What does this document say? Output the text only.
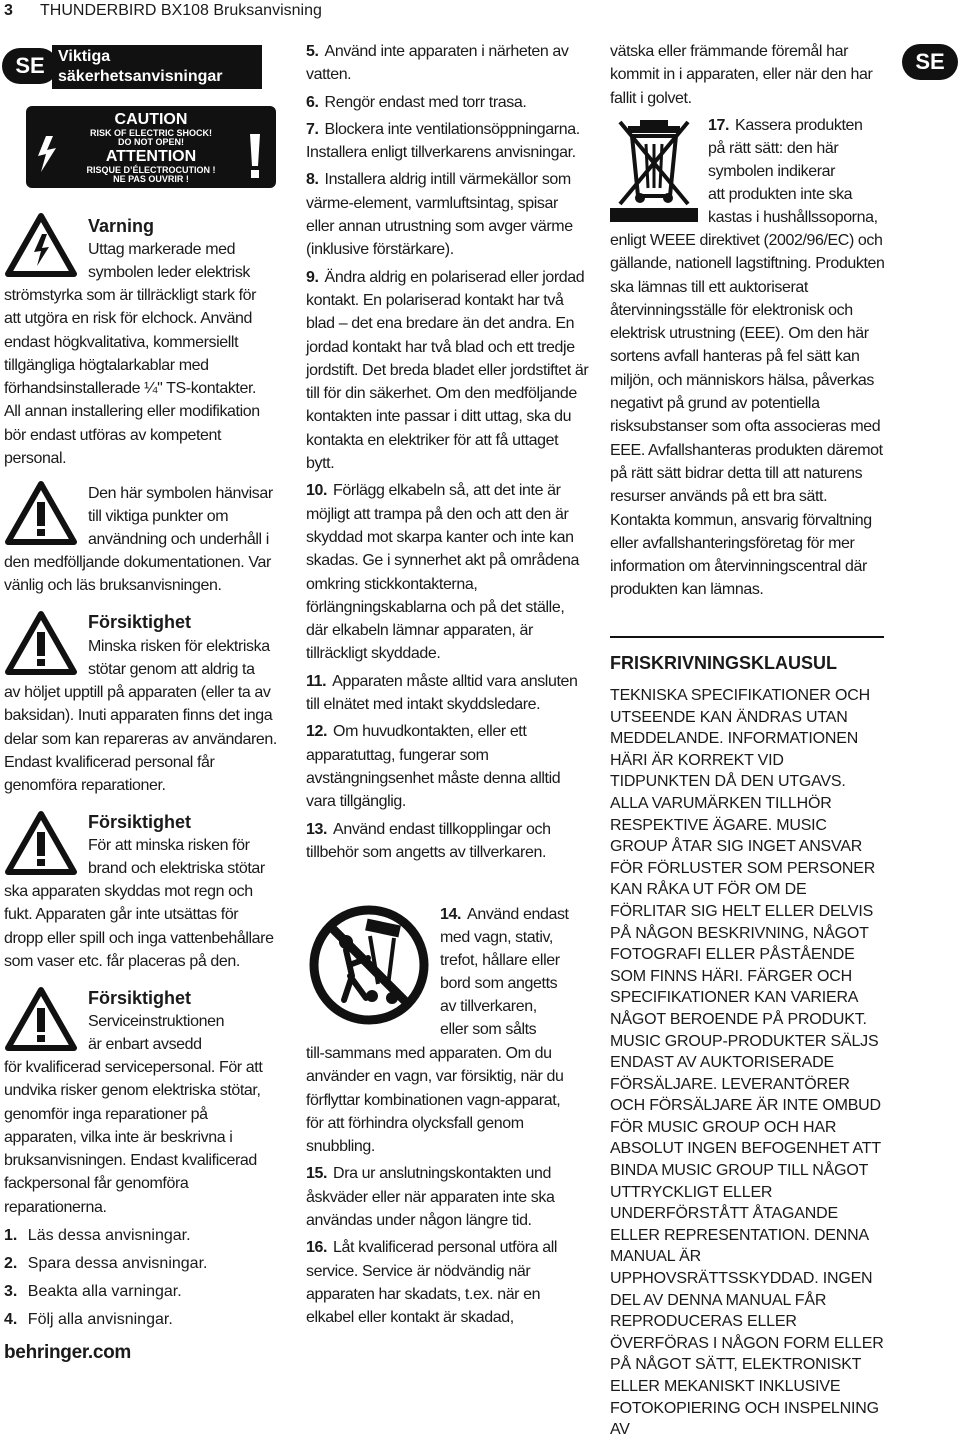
3 THUNDERBIRD BX108 Bruksanvisning
SE	SE
Viktiga
säkerhetsanvisningar
CAUTION
RISK OF ELECTRIC SHOCK!
DO NOT OPEN!
ATTENTION
RISQUE D’ÉLECTROCUTION !
NE PAS OUVRIR !
Varning
Uttag markerade med
symbolen leder elektrisk

strömstyrka som är tillräckligt stark för att utgöra en risk för elchock. Använd endast högkvalitativa, kommersiellt tillgängliga högtalarkablar med förhandsinstallerade ¼" TS-kontakter. All annan installering eller modifikation bör endast utföras av kompetent personal.

Den här symbolen hänvisar
till viktiga punkter om
användning och underhåll i

den medfölljande dokumentationen. Var vänlig och läs bruksanvisningen.

Försiktighet
Minska risken för elektriska
stötar genom att aldrig ta

av höljet upptill på apparaten (eller ta av baksidan). Inuti apparaten finns det inga delar som kan repareras av användaren. Endast kvalificerad personal får genomföra reparationer.

Försiktighet
För att minska risken för
brand och elektriska stötar

ska apparaten skyddas mot regn och fukt. Apparaten går inte utsättas för dropp eller spill och inga vattenbehållare som vaser etc. får placeras på den.

Försiktighet
Serviceinstruktionen
är enbart avsedd

för kvalificerad servicepersonal. För att undvika risker genom elektriska stötar, genomför inga reparationer på apparaten, vilka inte är beskrivna i bruksanvisningen. Endast kvalificerad fackpersonal får genomföra reparationerna.

1. Läs dessa anvisningar.
2. Spara dessa anvisningar.
3. Beakta alla varningar.
4. Följ alla anvisningar.

5. Använd inte apparaten i närheten av vatten.

6. Rengör endast med torr trasa.

7. Blockera inte ventilationsöppningarna. Installera enligt tillverkarens anvisningar.

8. Installera aldrig intill värmekällor som värme-element, varmluftsintag, spisar eller annan utrustning som avger värme (inklusive förstärkare).

9. Ändra aldrig en polariserad eller jordad kontakt. En polariserad kontakt har två blad – det ena bredare än det andra. En jordad kontakt har två blad och ett tredje jordstift. Det breda bladet eller jordstiftet är till för din säkerhet. Om den medföljande kontakten inte passar i ditt uttag, ska du kontakta en elektriker för att få uttaget bytt.

10. Förlägg elkabeln så, att det inte är möjligt att trampa på den och att den är skyddad mot skarpa kanter och inte kan skadas. Ge i synnerhet akt på områdena omkring stickkontakterna, förlängningskablarna och på det ställe, där elkabeln lämnar apparaten, är tillräckligt skyddade.

11. Apparaten måste alltid vara ansluten till elnätet med intakt skyddsledare.

12. Om huvudkontakten, eller ett apparatuttag, fungerar som avstängningsenhet måste denna alltid vara tillgänglig.

13. Använd endast tillkopplingar och tillbehör som angetts av tillverkaren.

14. Använd endast
med vagn, stativ,
trefot, hållare eller
bord som angetts
av tillverkaren,
eller som sålts

till-sammans med apparaten. Om du använder en vagn, var försiktig, när du förflyttar kombinationen vagn-apparat, för att förhindra olycksfall genom snubbling.

15. Dra ur anslutningskontakten und åskväder eller när apparaten inte ska användas under någon längre tid.

16. Låt kvalificerad personal utföra all service. Service är nödvändig när apparaten har skadats, t.ex. när en elkabel eller kontakt är skadad,

vätska eller främmande föremål har kommit in i apparaten, eller när den har fallit i golvet.

17. Kassera produkten
på rätt sätt: den här
symbolen indikerar
att produkten inte ska
kastas i hushållssoporna,

enligt WEEE direktivet (2002/96/EC) och gällande, nationell lagstiftning. Produkten ska lämnas till ett auktoriserat återvinningsställe för elektronisk och elektrisk utrustning (EEE). Om den här sortens avfall hanteras på fel sätt kan miljön, och människors hälsa, påverkas negativt på grund av potentiella risksubstanser som ofta associeras med EEE. Avfallshanteras produkten däremot på rätt sätt bidrar detta till att naturens resurser används på ett bra sätt. Kontakta kommun, ansvarig förvaltning eller avfallshanteringsföretag för mer information om återvinningscentral där produkten kan lämnas.

FRISKRIVNINGSKLAUSUL

TEKNISKA SPECIFIKATIONER OCH UTSEENDE KAN ÄNDRAS UTAN MEDDELANDE. INFORMATIONEN HÄRI ÄR KORREKT VID TIDPUNKTEN DÅ DEN UTGAVS. ALLA VARUMÄRKEN TILLHÖR RESPEKTIVE ÄGARE. MUSIC GROUP ÅTAR SIG INGET ANSVAR FÖR FÖRLUSTER SOM PERSONER KAN RÅKA UT FÖR OM DE FÖRLITAR SIG HELT ELLER DELVIS PÅ NÅGON BESKRIVNING, NÅGOT FOTOGRAFI ELLER PÅSTÅENDE SOM FINNS HÄRI. FÄRGER OCH SPECIFIKATIONER KAN VARIERA NÅGOT BEROENDE PÅ PRODUKT. MUSIC GROUP-PRODUKTER SÄLJS ENDAST AV AUKTORISERADE FÖRSÄLJARE. LEVERANTÖRER OCH FÖRSÄLJARE ÄR INTE OMBUD FÖR MUSIC GROUP OCH HAR ABSOLUT INGEN BEFOGENHET ATT BINDA MUSIC GROUP TILL NÅGOT UTTRYCKLIGT ELLER UNDERFÖRSTÅTT ÅTAGANDE ELLER REPRESENTATION. DENNA MANUAL ÄR UPPHOVSRÄTTSSKYDDAD. INGEN DEL AV DENNA MANUAL FÅR REPRODUCERAS ELLER ÖVERFÖRAS I NÅGON FORM ELLER PÅ NÅGOT SÄTT, ELEKTRONISKT ELLER MEKANISKT INKLUSIVE FOTOKOPIERING OCH INSPELNING AV

behringer.com
